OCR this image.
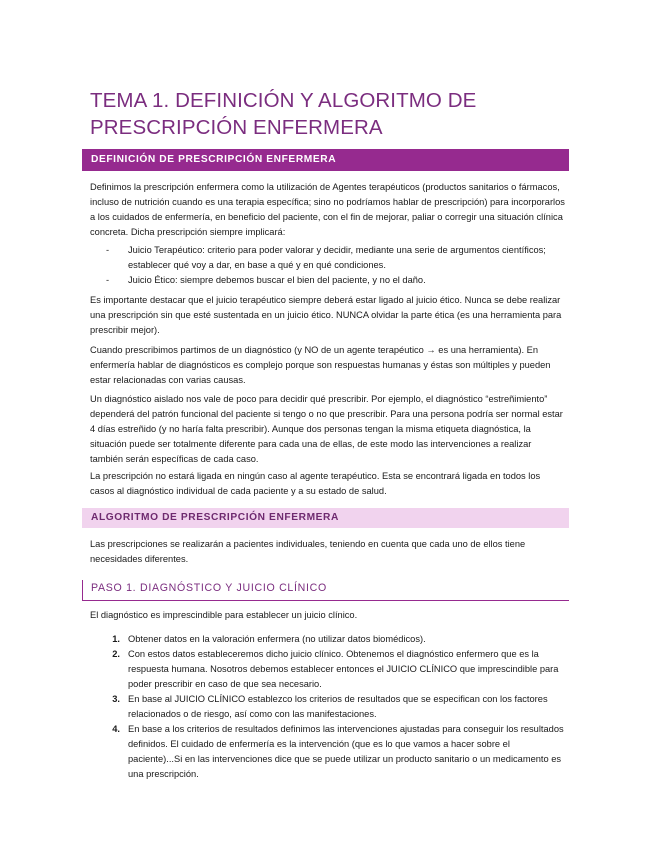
TEMA 1. DEFINICIÓN Y ALGORITMO DE PRESCRIPCIÓN ENFERMERA
DEFINICIÓN DE PRESCRIPCIÓN ENFERMERA
Definimos la prescripción enfermera como la utilización de Agentes terapéuticos (productos sanitarios o fármacos, incluso de nutrición cuando es una terapia específica; sino no podríamos hablar de prescripción) para incorporarlos a los cuidados de enfermería, en beneficio del paciente, con el fin de mejorar, paliar o corregir una situación clínica concreta. Dicha prescripción siempre implicará:
-	Juicio Terapéutico: criterio para poder valorar y decidir, mediante una serie de argumentos científicos; establecer qué voy a dar, en base a qué y en qué condiciones.
-	Juicio Ético: siempre debemos buscar el bien del paciente, y no el daño.
Es importante destacar que el juicio terapéutico siempre deberá estar ligado al juicio ético. Nunca se debe realizar una prescripción sin que esté sustentada en un juicio ético. NUNCA olvidar la parte ética (es una herramienta para prescribir mejor).
Cuando prescribimos partimos de un diagnóstico (y NO de un agente terapéutico → es una herramienta). En enfermería hablar de diagnósticos es complejo porque son respuestas humanas y éstas son múltiples y pueden estar relacionadas con varias causas.
Un diagnóstico aislado nos vale de poco para decidir qué prescribir. Por ejemplo, el diagnóstico “estreñimiento” dependerá del patrón funcional del paciente si tengo o no que prescribir. Para una persona podría ser normal estar 4 días estreñido (y no haría falta prescribir). Aunque dos personas tengan la misma etiqueta diagnóstica, la situación puede ser totalmente diferente para cada una de ellas, de este modo las intervenciones a realizar también serán específicas de cada caso.
La prescripción no estará ligada en ningún caso al agente terapéutico. Esta se encontrará ligada en todos los casos al diagnóstico individual de cada paciente y a su estado de salud.
ALGORITMO DE PRESCRIPCIÓN ENFERMERA
Las prescripciones se realizarán a pacientes individuales, teniendo en cuenta que cada uno de ellos tiene necesidades diferentes.
PASO 1. DIAGNÓSTICO Y JUICIO CLÍNICO
El diagnóstico es imprescindible para establecer un juicio clínico.
1. Obtener datos en la valoración enfermera (no utilizar datos biomédicos).
2. Con estos datos estableceremos dicho juicio clínico. Obtenemos el diagnóstico enfermero que es la respuesta humana. Nosotros debemos establecer entonces el JUICIO CLÍNICO que imprescindible para poder prescribir en caso de que sea necesario.
3. En base al JUICIO CLÍNICO establezco los criterios de resultados que se especifican con los factores relacionados o de riesgo, así como con las manifestaciones.
4. En base a los criterios de resultados definimos las intervenciones ajustadas para conseguir los resultados definidos. El cuidado de enfermería es la intervención (que es lo que vamos a hacer sobre el paciente)...Si en las intervenciones dice que se puede utilizar un producto sanitario o un medicamento es una prescripción.
